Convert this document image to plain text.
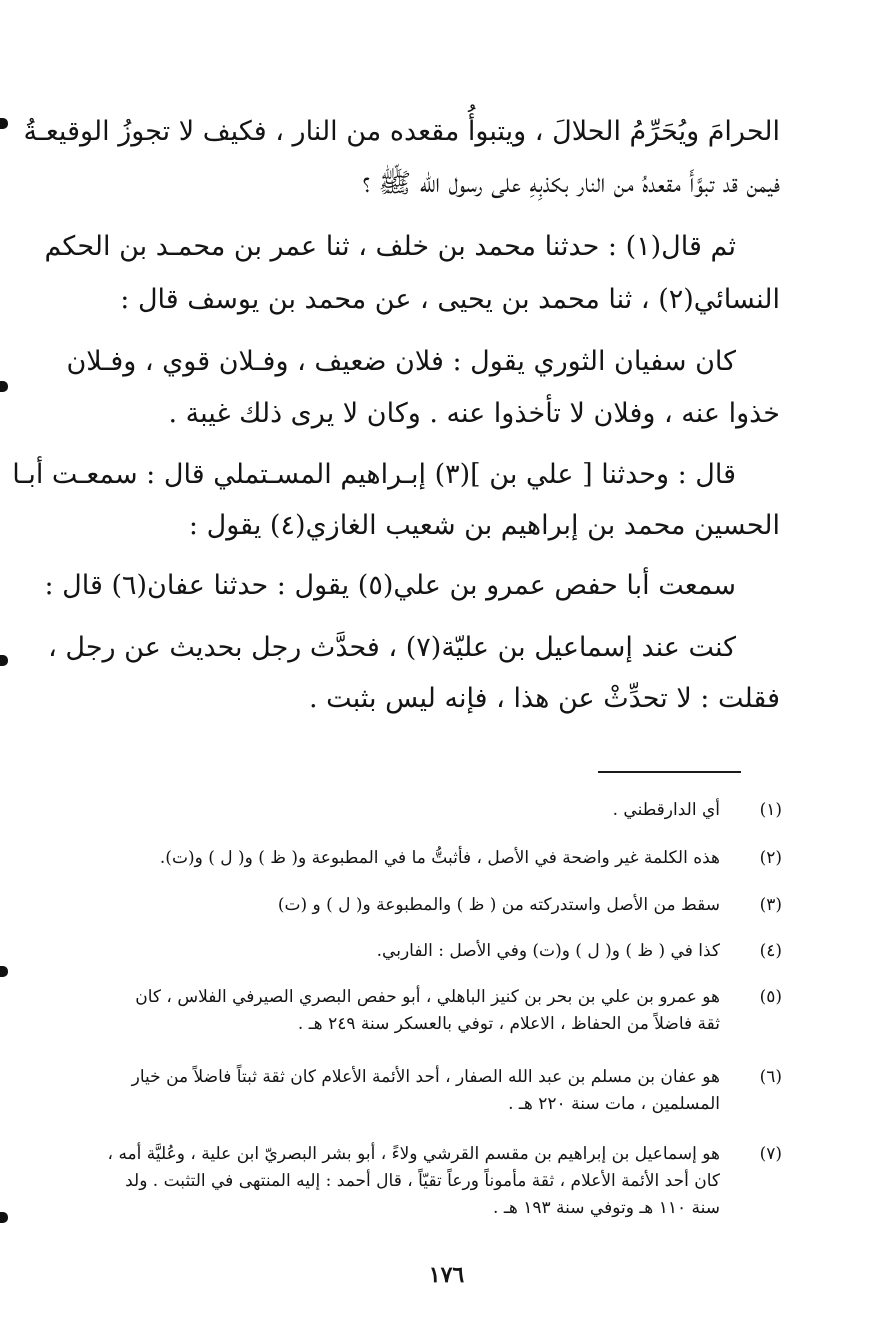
الحرامَ ويُحَرِّمُ الحلالَ ، ويتبوأُ مقعده من النار ، فكيف لا تجوزُ الوقيعـةُ
فيمن قد تبوَّأَ مقعدهُ من النار بكذبِهِ على رسول الله ﷺ ؟
ثم قال(١) : حدثنا محمد بن خلف ، ثنا عمر بن محمـد بن الحكم
النسائي(٢) ، ثنا محمد بن يحيى ، عن محمد بن يوسف قال :
كان سفيان الثوري يقول : فلان ضعيف ، وفـلان قوي ، وفـلان
خذوا عنه ، وفلان لا تأخذوا عنه . وكان لا يرى ذلك غيبة .
قال : وحدثنا [ علي بن ](٣) إبـراهيم المسـتملي قال : سمعـت أبـا
الحسين محمد بن إبراهيم بن شعيب الغازي(٤) يقول :
سمعت أبا حفص عمرو بن علي(٥) يقول : حدثنا عفان(٦) قال :
كنت عند إسماعيل بن عليّة(٧) ، فحدَّث رجل بحديث عن رجل ،
فقلت : لا تحدِّثْ عن هذا ، فإنه ليس بثبت .
(١)
أي الدارقطني .
(٢)
هذه الكلمة غير واضحة في الأصل ، فأثبتُّ ما في المطبوعة و( ظ ) و( ل ) و(ت).
(٣)
سقط من الأصل واستدركته من ( ظ ) والمطبوعة و( ل ) و (ت)
(٤)
كذا في ( ظ ) و( ل ) و(ت) وفي الأصل : الفاربي.
(٥)
هو عمرو بن علي بن بحر بن كنيز الباهلي ، أبو حفص البصري الصيرفي الفلاس ، كان
ثقة فاضلاً من الحفاظ ، الاعلام ، توفي بالعسكر سنة ٢٤٩ هـ .
(٦)
هو عفان بن مسلم بن عبد الله الصفار ، أحد الأئمة الأعلام كان ثقة ثبتاً فاضلاً من خيار
المسلمين ، مات سنة ٢٢٠ هـ .
(٧)
هو إسماعيل بن إبراهيم بن مقسم القرشي ولاءً ، أبو بشر البصريّ ابن علية ، وعُليَّة أمه ،
كان أحد الأئمة الأعلام ، ثقة مأموناً ورعاً تقيّاً ، قال أحمد : إليه المنتهى في التثبت . ولد
سنة ١١٠ هـ وتوفي سنة ١٩٣ هـ .
١٧٦
